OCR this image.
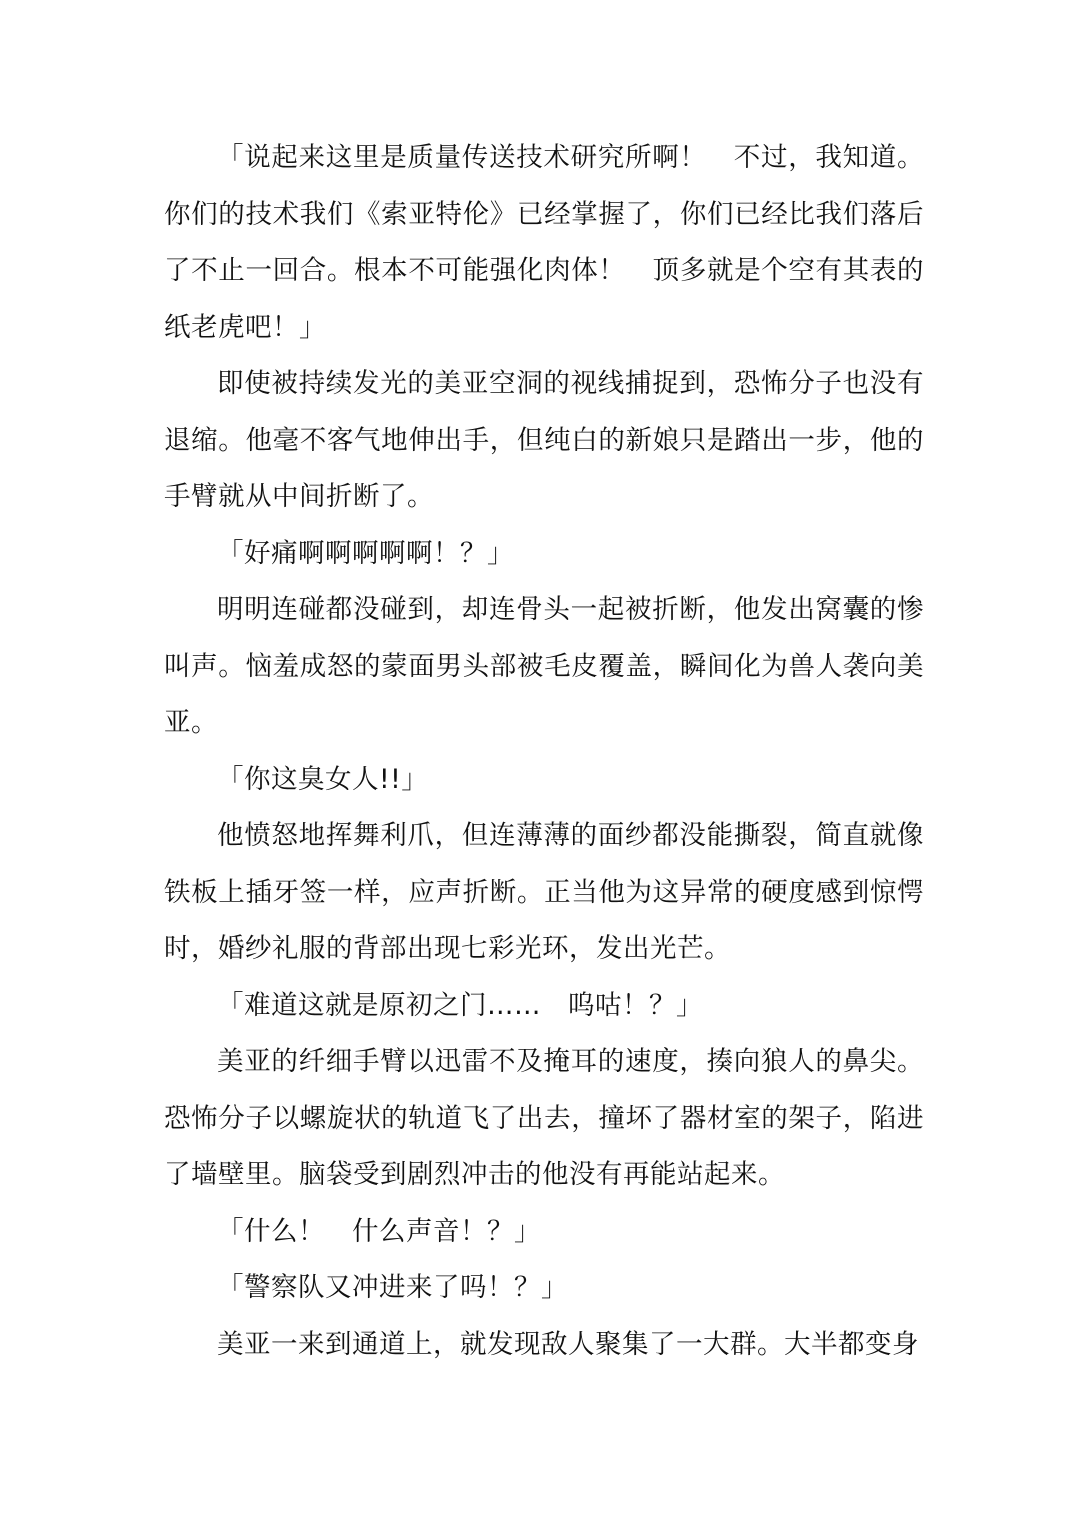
「说起来这里是质量传送技术研究所啊！　不过，我知道。你们的技术我们《索亚特伦》已经掌握了，你们已经比我们落后了不止一回合。根本不可能强化肉体！　顶多就是个空有其表的纸老虎吧！」

即使被持续发光的美亚空洞的视线捕捉到，恐怖分子也没有退缩。他毫不客气地伸出手，但纯白的新娘只是踏出一步，他的手臂就从中间折断了。

「好痛啊啊啊啊啊！？」

明明连碰都没碰到，却连骨头一起被折断，他发出窝囊的惨叫声。恼羞成怒的蒙面男头部被毛皮覆盖，瞬间化为兽人袭向美亚。

「你这臭女人!!」

他愤怒地挥舞利爪，但连薄薄的面纱都没能撕裂，简直就像铁板上插牙签一样，应声折断。正当他为这异常的硬度感到惊愕时，婚纱礼服的背部出现七彩光环，发出光芒。

「难道这就是原初之门……　呜咕！？」

美亚的纤细手臂以迅雷不及掩耳的速度，揍向狼人的鼻尖。恐怖分子以螺旋状的轨道飞了出去，撞坏了器材室的架子，陷进了墙壁里。脑袋受到剧烈冲击的他没有再能站起来。

「什么！　什么声音！？」

「警察队又冲进来了吗！？」

美亚一来到通道上，就发现敌人聚集了一大群。大半都变身
